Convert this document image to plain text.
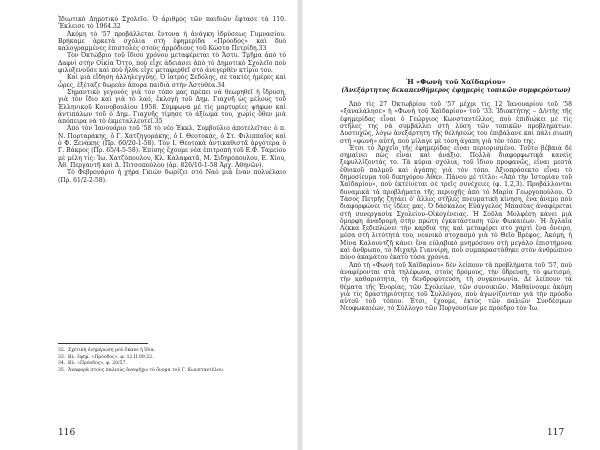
Ἰδιωτικὸ Δημοτικὸ Σχολεῖο. Ὁ ἀριθμὸς τῶν παιδιῶν ἔφτασε τὰ 110. Ἔκλεισε τὸ 1964.32

Ἀκόμη τὸ '57 προβάλλεται ἔντονα ἡ ἀνάγκη ἱδρύσεως Γυμνασίου. Βρήκαμε ἀρκετὰ σχόλια στὴ ἐφημερίδα «Πρόοδος» καὶ δυὸ καλογραμμένες ἐπιστολὲς στοὺς ἁρμόδιους τοῦ Κώστα Πετρίδη.33

Τὸν Ὀκτώβριο τοῦ ἴδιου χρόνου μεταφέρεται τὸ Ἄστυ. Τμῆμα ἀπὸ τὸ Δαφνὶ στὴν Οἰκία Ὄττο, ποὺ εἶχε ἀδειάσει ἀπὸ τὸ Δημοτικὸ Σχολεῖο ποὺ φιλοξενοῦσε καὶ ποὺ ἦλθε εἶχε μεταφερθεῖ στὸ ἀνεγερθὲν κτίριο του.

Καὶ μιὰ εἴδηση ἀλληλεγγύης. Ὁ ἰατρὸς Σεδόλης, σὲ τακτὲς ἡμέρες καὶ ὧρες, ἐξέταζε δωρεὰν ἄπορα παιδιὰ στὴν Ἀστυθέα.34

Σημαντικὸ γεγονὸς γιὰ τὸν τόπο μας πρέπει νὰ θεωρηθεῖ ἡ ἵδρυση, γιὰ τὸν ἴδιο καὶ γιὰ τὸ λαό, ἔκλογὴ τοῦ Δημ. Γιαχνῆ ὡς μέλους τοῦ Ἑλληνικοῦ Κοινοβουλίου 1958. Σύμφωνα μὲ τὶς μαρτυρίες ψήφων καὶ ἀντιπάλων τοῦ ὁ Δημ. Γιαχνῆς τίμησε τὸ ἀξίωμά του, χωρὶς ὅθεν μιὰ ἀπόπειρα νὰ τὸ ἐκμεταλλευτεῖ.35

Ἀπὸ τὸν Ἰανουάριο τοῦ '58 τὸ νέο Ἐκκλ. Συμβούλιο ἀποτελεῖται: ὁ π. Ν. Πορταράκης, ὁ Γ. Χατζηγοράκης, ὁ Ι. Θεοτοκάς, ὁ Στ. Φιλιππαῖος καὶ ὁ Φ. Ξενάκης (Πρ. 60/20-1-58). Τὸν Ι. Θεοτοκὰ ἀντικαθιστᾶ ἀργότερα ὁ Γ. Βάκρος (Πρ. 65/4-5-58). Ἐπίσης ἔχουμε νέα ἐπιτροπὴ τοῦ Ε.Φ. Ταμείου μὲ μέλη τίς: Ἰω. Χατζόπουλου, Κλ. Καλαφατᾶ, Μ. Σιδηρόπουλου, Ε. Χίου, Ἀθ. Περγαντῆ καὶ Δ. Πιτσοπούλου (ἀρ. 826/10-1-58 Ἀρχ. Ἀθηνῶν).

Τὸ Φεβρουάριο ἡ χήρα Γκιών δωρίζει στὸ Ναὸ μιὰ ἔναν πολυέλαιο (Πρ. 61/2-2-58).

32. Σχετικὴ ἐνημέρωση μοῦ ἔκανε ἡ ἴδια.

33. Βλ. ἐφημ. «Πρόοδος», φ. 12.II.09.22.

34. Βλ. «Πρόοδος», φ. 20/57.

35. Ἀναφορὰ στοὺς παλιοὺς ἀναψήχω τὸ ὄνομα τοῦ Γ. Κωνσταντέλου.

116

Ἡ «Φωνὴ τοῦ Χαϊδαρίου»

(Ἀνεξάρτητος δεκαπενθήμερος ἐφημερὶς τοπικῶν συμφερόντων)

Ἀπὸ τὶς 27 Ὀκτωβρίου τοῦ '57 μέχρι τὶς 12 Ἰανουαρίου τοῦ '58 «ξαναλάλησε» ἡ «Φωνὴ τοῦ Χαϊδαρίου» τοῦ '33. Ἰδιοκτήτης – Δ/ντὴς τῆς ἐφημερίδας εἶναι ὁ Γεώργιος Κωνσταντέλλος, ποὺ ἐπιδιώκει μὲ τὶς στῆλες της νὰ συμβάλλει στὴ λύση τῶν τοπικῶν προβλημάτων. Δυστυχῶς, λόγω ἀνεξάρτητη τῆς θελήσεώς του ἐπιβάλανε καὶ πάλι σιωπὴ στὴ «φωνὴ» αὐτή, ποὺ μίλαγε μὲ τόση ἀγάπη γιὰ τὸν τόπο της.

Ἐτσι τὸ Ἀρχεῖο τῆς ἐφημερίδας εἶναι περιορισμένο. Τοῦτο βέβαια δὲ σημαίνει πὼς εἶναι καὶ ἀνάξιο. Πολλὰ διαφορφωτικὰ κανεὶς ξεφυλλίζοντάς το. Τὰ κύρια σχόλια, τοῦ ἴδιου προφανῶς, εἶναι μεστὰ ἐθνικοῦ παλμοῦ καὶ ἀγάπης γιὰ τὸν τόπο. Ἀξιοπρόσεκτο εἶναι τὸ δημοσίευμα τοῦ δικηγόρου Ἀθαν. Πάνου μὲ τίτλο: «Ἀπὸ τὴν Ἱστορίαν τοῦ Χαϊδαρίου», ποὺ ἐκτείνεται σὲ τρεῖς συνέχειες (φ. 1,2,3). Προβάλλονται δυναμικὰ τὰ προβλήματα τῆς περιοχῆς ἀπὸ τὸ Μαρία Γεωργοπούλου. Ὁ Τάσος Πετρῆς ζητάει ὁ' ἄλλες στῆλες πνευματικὴ κίνηση, ἐνα ἄνεμο ποὺ διαφορφώνει τὶς ἰδέες μας. Ὁ δάσκαλος Εὐάγγελος Μπασέας ἀναφέρεται στὴ συνεργασία Σχολείου–Οἰκογένειας. Ἡ Σοῦλα Μολφέση κάνει μιὰ ὄμορφη ἀναδρομὴ στὴν πρώτη ἐγκατάσταση τῶν Φωκαιέων. Ἡ Ἀγλαΐα Λέκκα ξεδιπλώνει τὴν καρδιά της καὶ μεταφέρει στὸ χαρτὶ ἕνα ὄνειρο, μέσα στὴ λιτότητά του, νεανικὸ στοχασμὸ γιὰ τὸ Θεῖο Βρέφος. Ἀκόμη, ἡ Μίνα Καλουντζῆ κάνει ἕνα εὐλαβικὸ μνημόσυνο στὴ μεγάλο ἐπιστήμονα καὶ ἄνθρωπο, τὸ Μιχαὴλ Γιαννίρη, ποὺ συμπαραστάθηκε στὸν ἀνθρώπινο πόνο ἀκαμάτου ἑκατὸ τόσα χρόνια.

Ἀπὸ τὴ «Φωνὴ τοῦ Χαϊδαρίου» δὲν λείπουν τὰ προβλήματα τοῦ '57, ποὺ ἀναφέρονται στὰ τηλέφωνα, στοὺς δρόμους, τὴν ὕδρευση, τὸ φωτισμό, τὴν καθαριότητα, τὴ δενδροφύτευση, τὴ συγκοινωνία. Δὲ λείπουν τὰ θέματα τῆς Ἐνορίας, τῶν Σχολείων, τῶν συνοικιῶν. Μαθαίνουμε ἀκόμη γιὰ τὶς δραστηριότητες τοῦ Συλλόγου, ποὺ ἀγωνίζονταν γιὰ τὴν πρόοδο αὐτοῦ τοῦ τόπου. Ἐτσι, ἔχουμε, ἐκτὸς τῶν παλιῶν Συνδέσμων Νεοφωκαιέων, τὸ Σύλλογο τῶν Πυργουσίων με πρόεδρο τὸν Ἰω.

117
